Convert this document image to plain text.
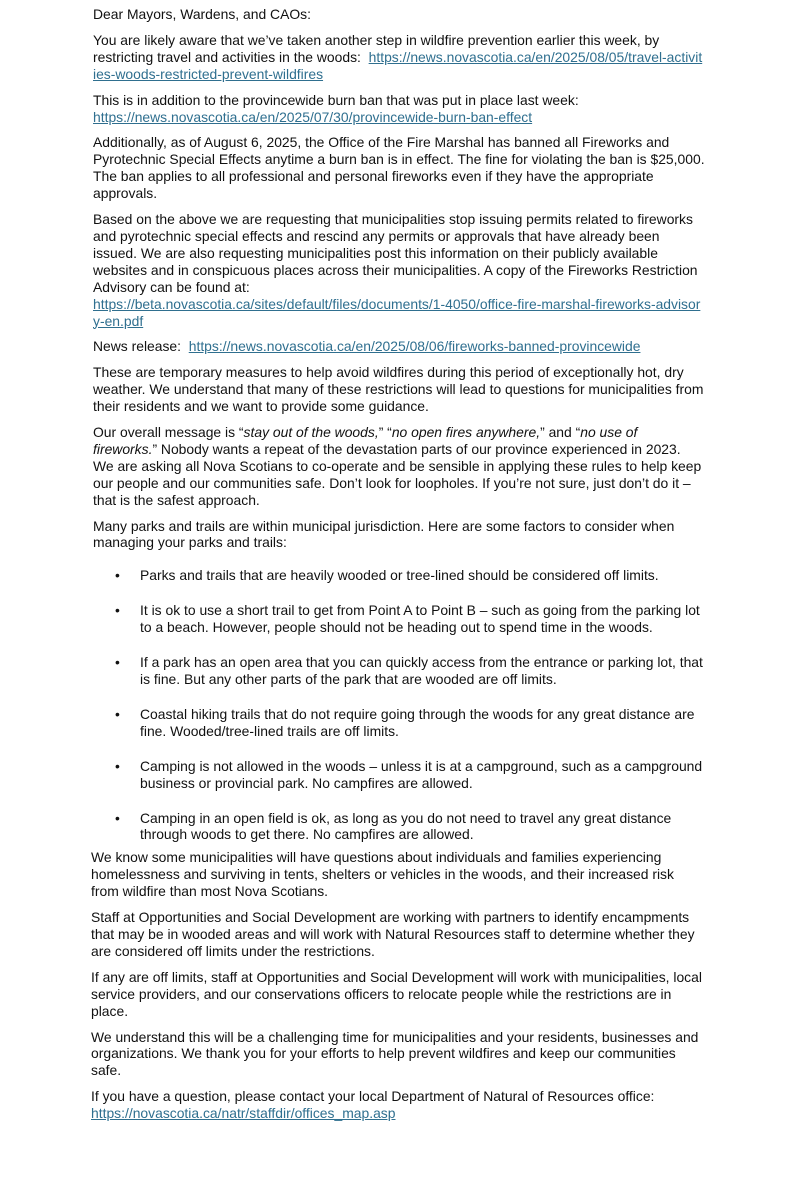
Dear Mayors, Wardens, and CAOs:

You are likely aware that we’ve taken another step in wildfire prevention earlier this week, by restricting travel and activities in the woods: https://news.novascotia.ca/en/2025/08/05/travel-activities-woods-restricted-prevent-wildfires

This is in addition to the provincewide burn ban that was put in place last week:
https://news.novascotia.ca/en/2025/07/30/provincewide-burn-ban-effect

Additionally, as of August 6, 2025, the Office of the Fire Marshal has banned all Fireworks and Pyrotechnic Special Effects anytime a burn ban is in effect. The fine for violating the ban is $25,000. The ban applies to all professional and personal fireworks even if they have the appropriate approvals.

Based on the above we are requesting that municipalities stop issuing permits related to fireworks and pyrotechnic special effects and rescind any permits or approvals that have already been issued. We are also requesting municipalities post this information on their publicly available websites and in conspicuous places across their municipalities. A copy of the Fireworks Restriction Advisory can be found at:
https://beta.novascotia.ca/sites/default/files/documents/1-4050/office-fire-marshal-fireworks-advisory-en.pdf

News release: https://news.novascotia.ca/en/2025/08/06/fireworks-banned-provincewide

These are temporary measures to help avoid wildfires during this period of exceptionally hot, dry weather. We understand that many of these restrictions will lead to questions for municipalities from their residents and we want to provide some guidance.

Our overall message is “stay out of the woods,” “no open fires anywhere,” and “no use of fireworks.” Nobody wants a repeat of the devastation parts of our province experienced in 2023. We are asking all Nova Scotians to co-operate and be sensible in applying these rules to help keep our people and our communities safe. Don’t look for loopholes. If you’re not sure, just don’t do it – that is the safest approach.

Many parks and trails are within municipal jurisdiction. Here are some factors to consider when managing your parks and trails:

• Parks and trails that are heavily wooded or tree-lined should be considered off limits.
• It is ok to use a short trail to get from Point A to Point B – such as going from the parking lot to a beach. However, people should not be heading out to spend time in the woods.
• If a park has an open area that you can quickly access from the entrance or parking lot, that is fine. But any other parts of the park that are wooded are off limits.
• Coastal hiking trails that do not require going through the woods for any great distance are fine. Wooded/tree-lined trails are off limits.
• Camping is not allowed in the woods – unless it is at a campground, such as a campground business or provincial park. No campfires are allowed.
• Camping in an open field is ok, as long as you do not need to travel any great distance through woods to get there. No campfires are allowed.

We know some municipalities will have questions about individuals and families experiencing homelessness and surviving in tents, shelters or vehicles in the woods, and their increased risk from wildfire than most Nova Scotians.

Staff at Opportunities and Social Development are working with partners to identify encampments that may be in wooded areas and will work with Natural Resources staff to determine whether they are considered off limits under the restrictions.

If any are off limits, staff at Opportunities and Social Development will work with municipalities, local service providers, and our conservations officers to relocate people while the restrictions are in place.

We understand this will be a challenging time for municipalities and your residents, businesses and organizations. We thank you for your efforts to help prevent wildfires and keep our communities safe.

If you have a question, please contact your local Department of Natural of Resources office:
https://novascotia.ca/natr/staffdir/offices_map.asp
